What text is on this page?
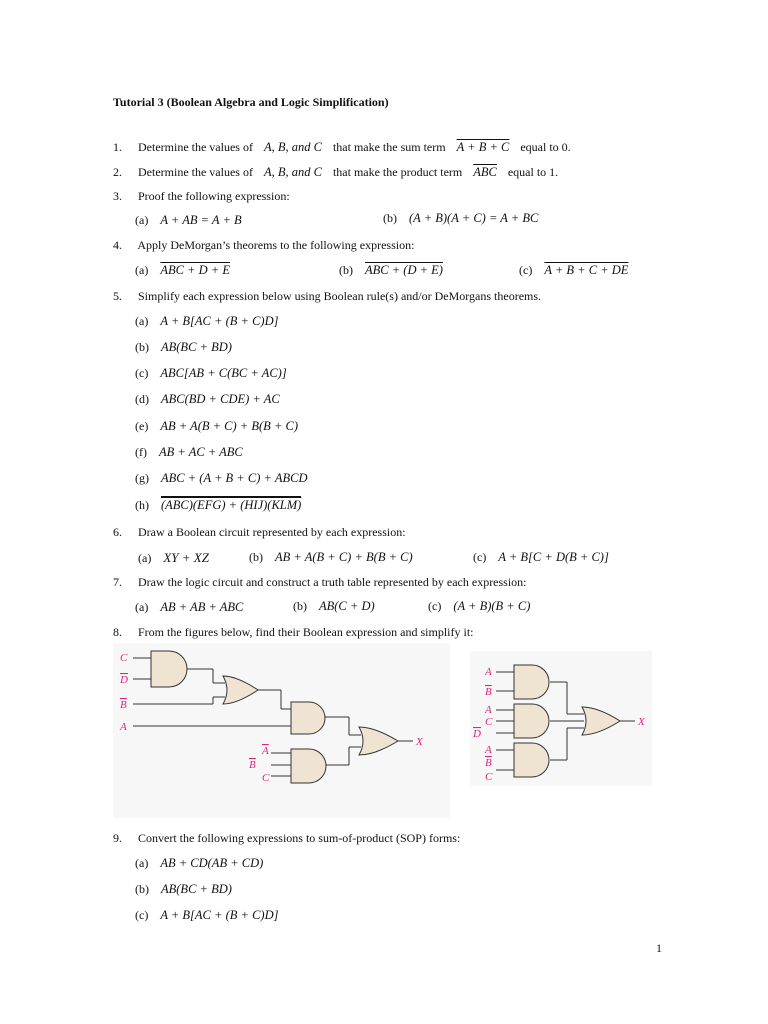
Tutorial 3 (Boolean Algebra and Logic Simplification)
1. Determine the values of A, B, and C that make the sum term A + B + C equal to 0.
2. Determine the values of A, B, and C that make the product term $\overline{ABC}$ equal to 1.
3. Proof the following expression:
(a) A + AB = A + B	(b) (A + B)(A + C) = A + BC
4. Apply DeMorgan’s theorems to the following expression:
(a) ABC + D + E	(b) ABC + (D + E)	(c) A + B + C + DE
5. Simplify each expression below using Boolean rule(s) and/or DeMorgans theorems.
(a) A + B[AC + (B + C)D]
(b) AB(BC + BD)
(c) ABC[AB + C(BC + AC)]
(d) ABC(BD + CDE) + AC
(e) AB + A(B + C) + B(B + C)
(f) AB + AC + ABC
(g) ABC + (A + B + C) + ABCD
(h) (ABC)(EFG) + (HIJ)(KLM)
6. Draw a Boolean circuit represented by each expression:
(a) XY + XZ	(b) AB + A(B + C) + B(B + C)	(c) A + B[C + D(B + C)]
7. Draw the logic circuit and construct a truth table represented by each expression:
(a) AB + AB + ABC	(b) AB(C + D)	(c) (A + B)(B + C)
8. From the figures below, find their Boolean expression and simplify it:
C
D
B
A
A
B
C
X
A
B
A
C
D
A
B
C
X
9. Convert the following expressions to sum-of-product (SOP) forms:
(a) AB + CD(AB + CD)
(b) AB(BC + BD)
(c) A + B[AC + (B + C)D]
1
